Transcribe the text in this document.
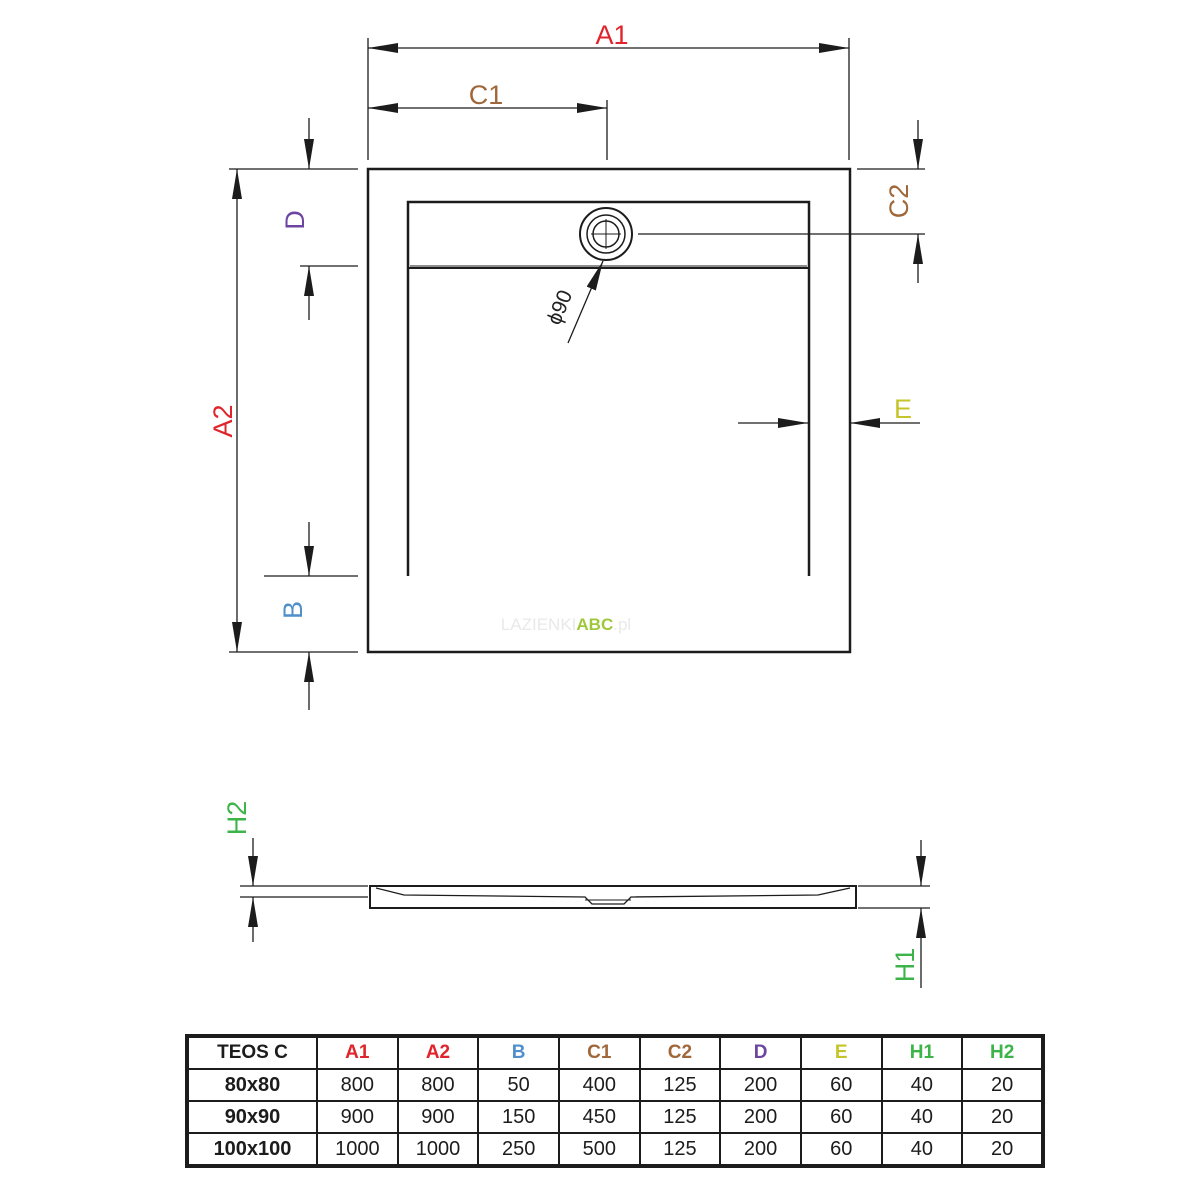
A1
C1
A2
D
B
C2
E
ϕ90
LAZIENKIABC.pl
H2
H1
TEOS C	A1	A2	B	C1	C2	D	E	H1	H2
80x80	800	800	50	400	125	200	60	40	20
90x90	900	900	150	450	125	200	60	40	20
100x100	1000	1000	250	500	125	200	60	40	20
